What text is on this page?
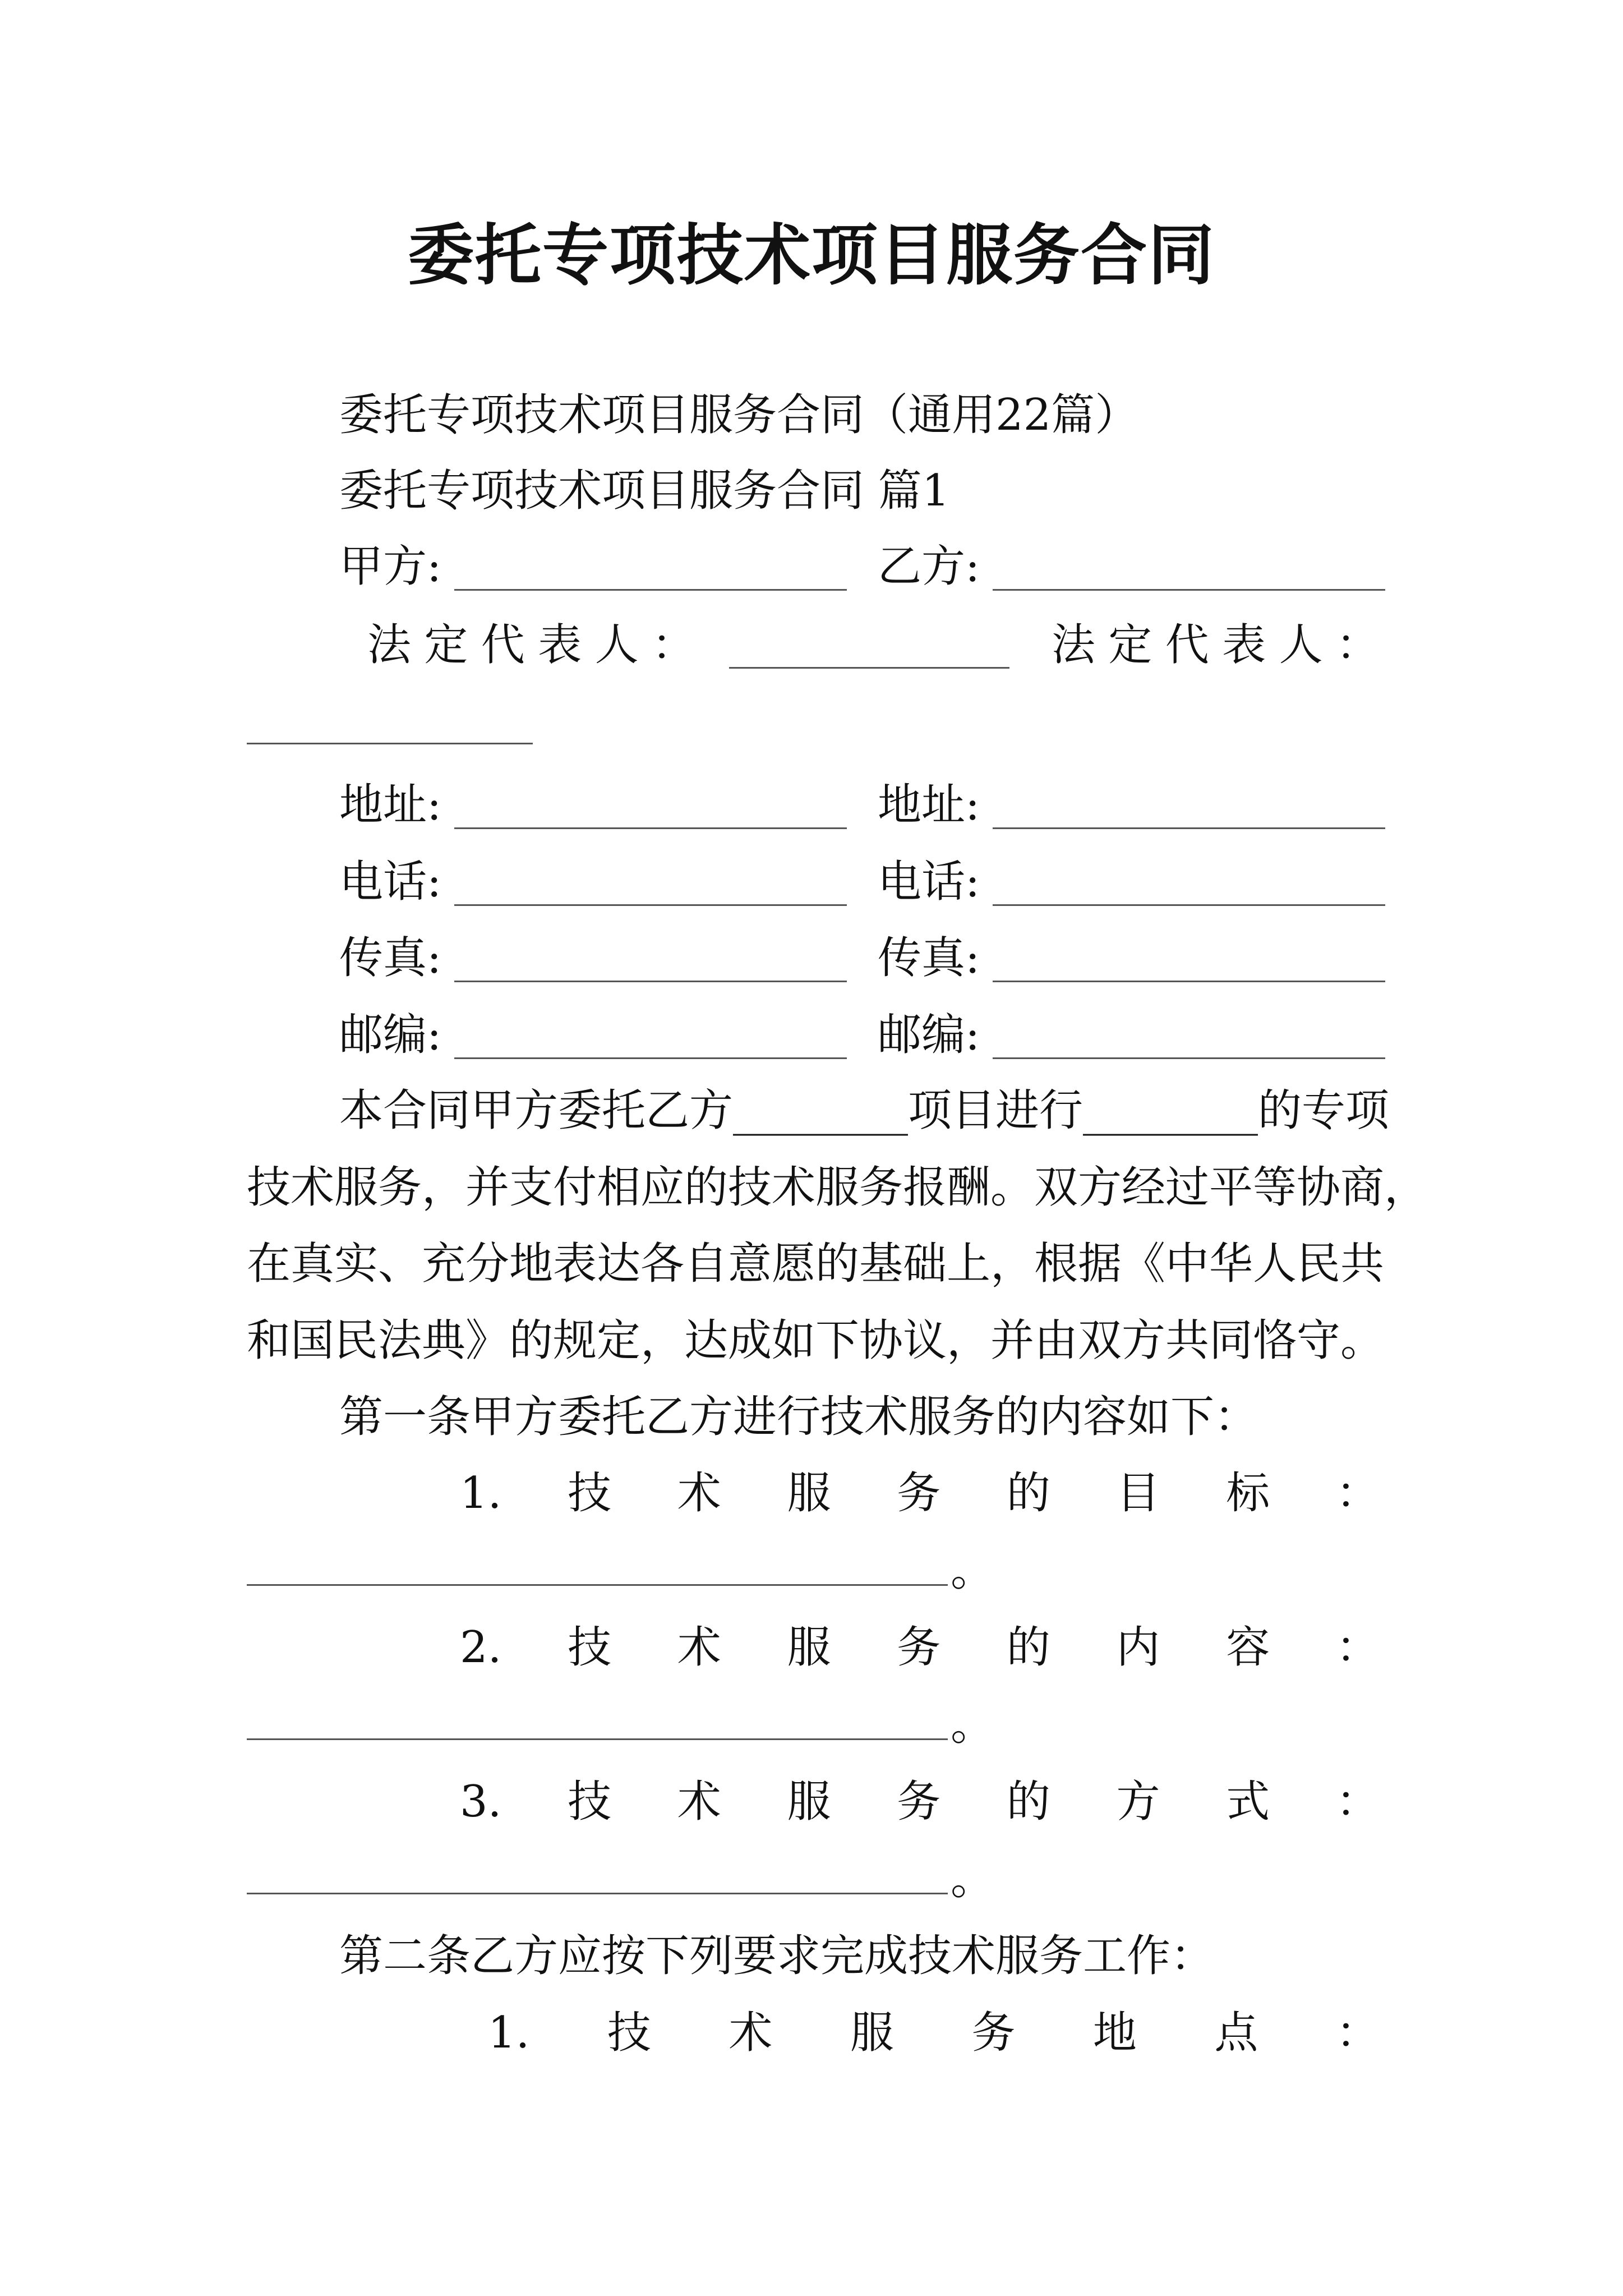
委托专项技术项目服务合同
委托专项技术项目服务合同（通用22篇）
委托专项技术项目服务合同 篇1
甲方:	乙方:
法 定 代 表 人 ：	法 定 代 表 人 ：
地址:	地址:
电话:	电话:
传真:	传真:
邮编:	邮编:
本合同甲方委托乙方________项目进行________的专项
技术服务，并支付相应的技术服务报酬。双方经过平等协商，
在真实、充分地表达各自意愿的基础上，根据《中华人民共
和国民法典》的规定，达成如下协议，并由双方共同恪守。
第一条甲方委托乙方进行技术服务的内容如下：
1. 技 术 服 务 的 目 标 ：
。
2. 技 术 服 务 的 内 容 ：
。
3. 技 术 服 务 的 方 式 ：
。
第二条乙方应按下列要求完成技术服务工作：
1. 技 术 服 务 地 点 ：
